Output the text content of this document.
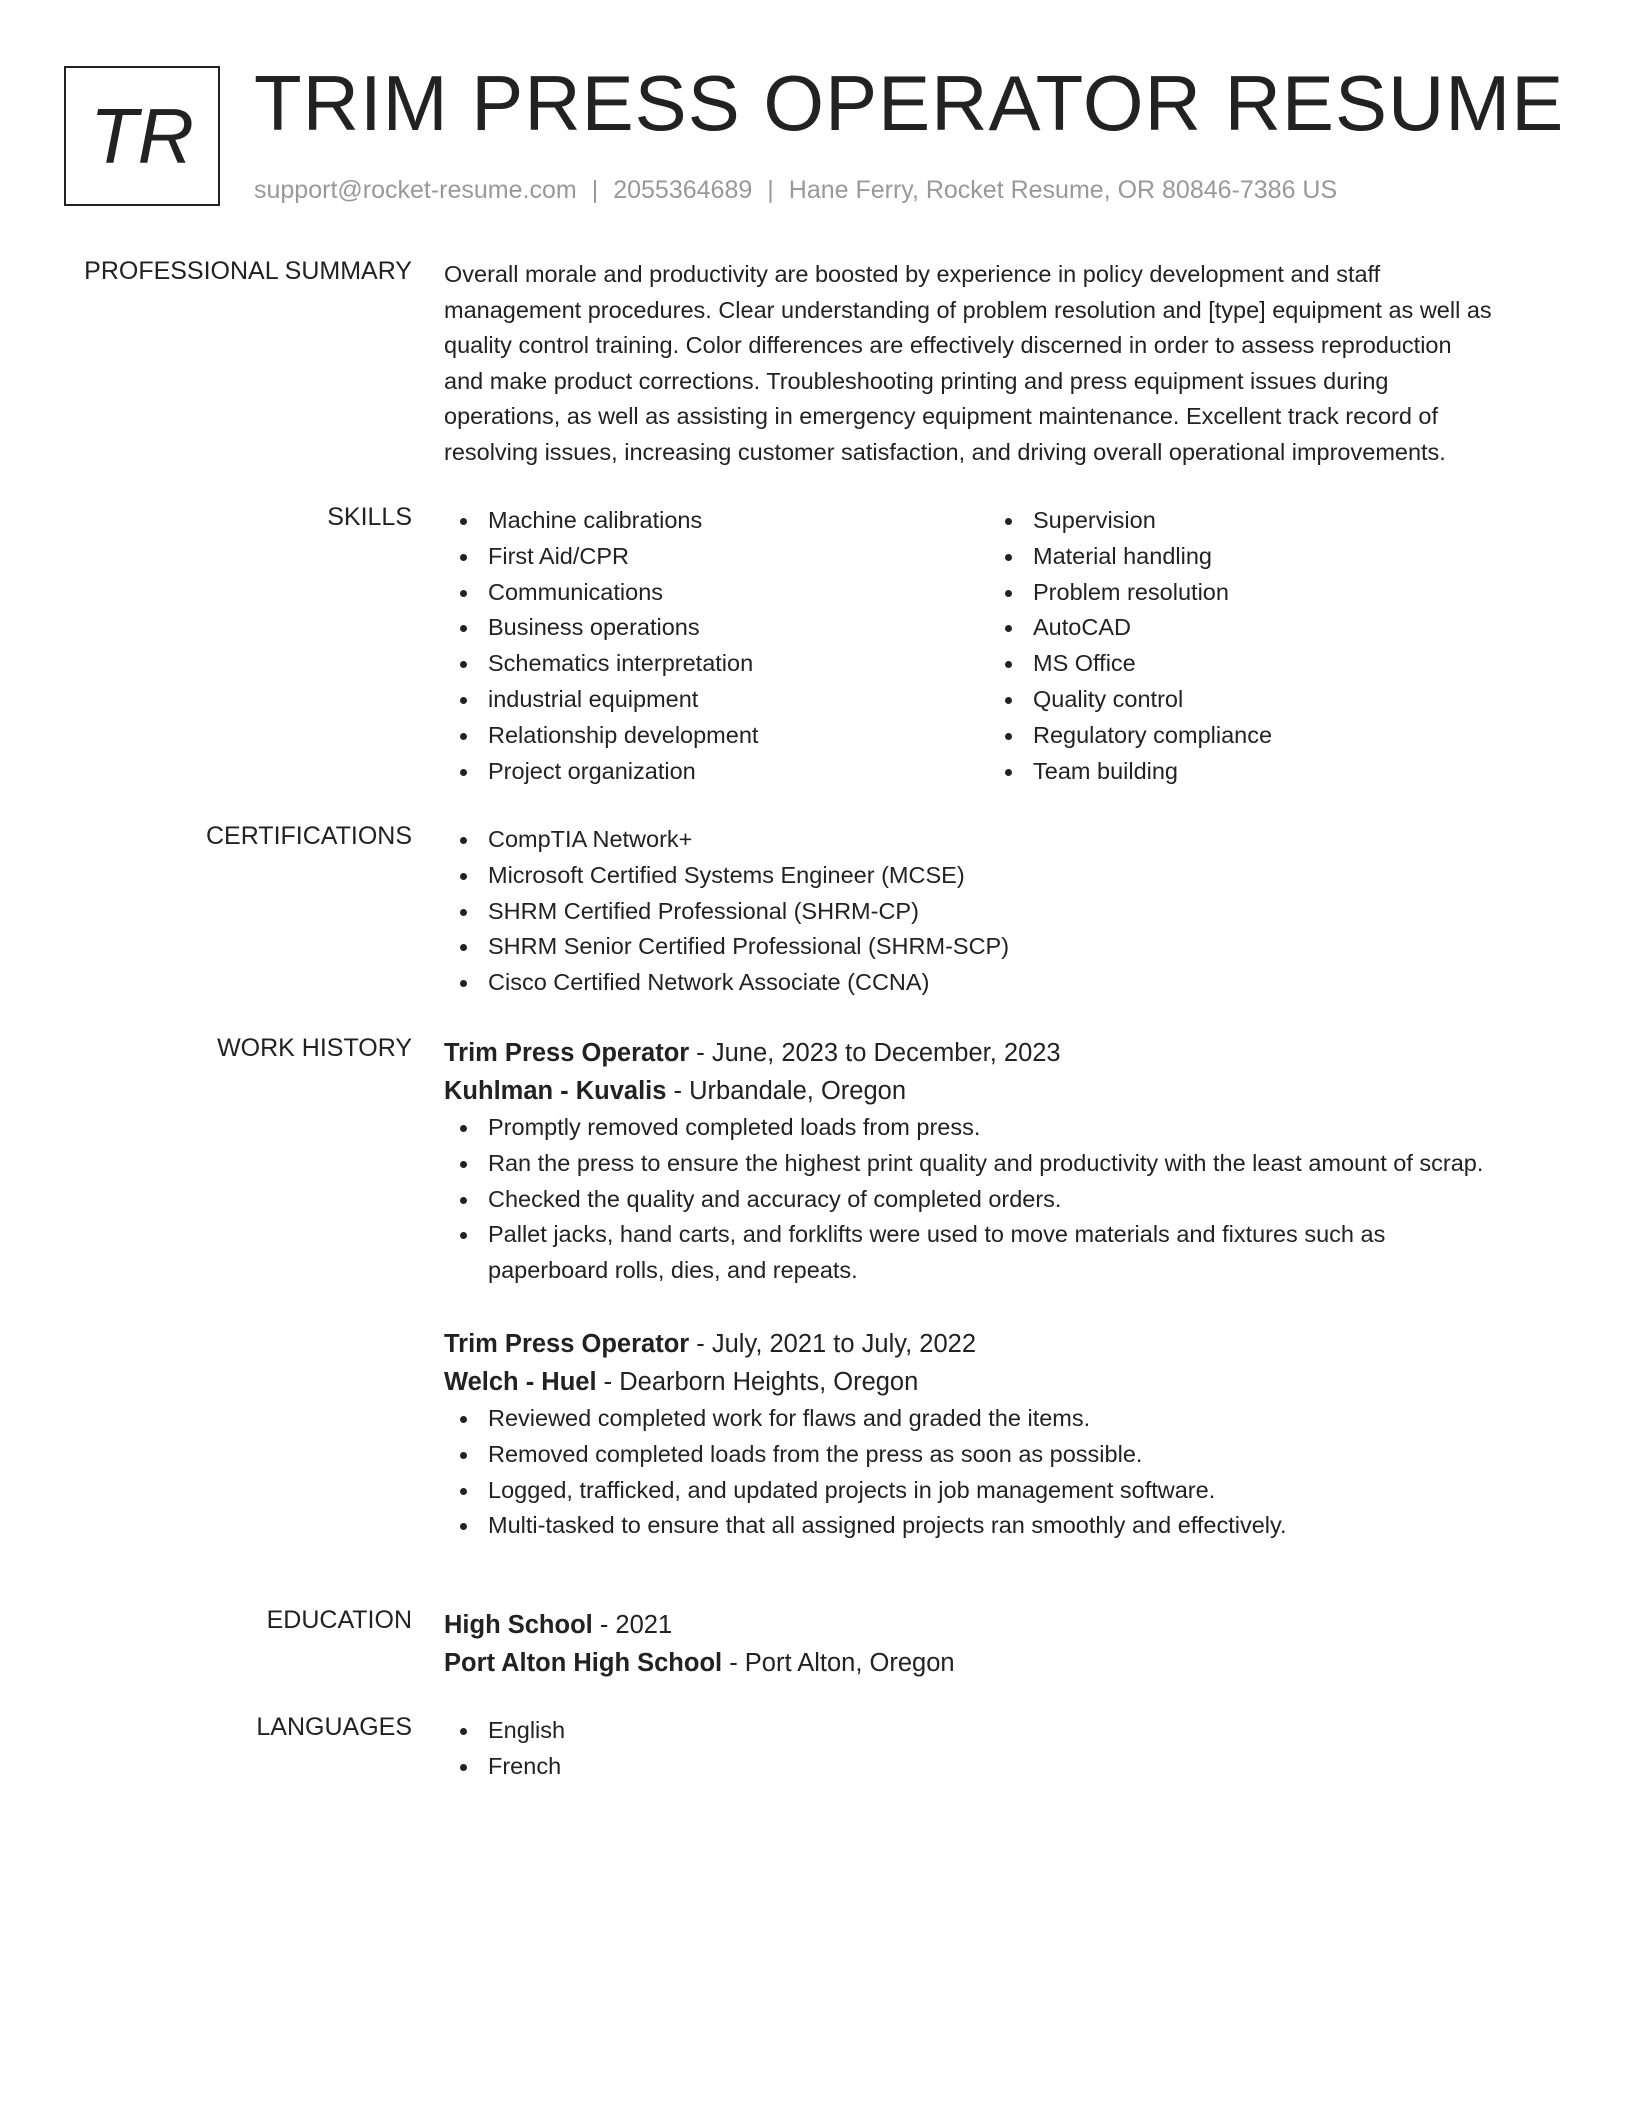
TR TRIM PRESS OPERATOR RESUME
support@rocket-resume.com | 2055364689 | Hane Ferry, Rocket Resume, OR 80846-7386 US
PROFESSIONAL SUMMARY Overall morale and productivity are boosted by experience in policy development and staff
management procedures. Clear understanding of problem resolution and [type] equipment as well as
quality control training. Color differences are effectively discerned in order to assess reproduction
and make product corrections. Troubleshooting printing and press equipment issues during
operations, as well as assisting in emergency equipment maintenance. Excellent track record of
resolving issues, increasing customer satisfaction, and driving overall operational improvements.
SKILLS	Machine calibrations
First Aid/CPR
Communications
Business operations
Schematics interpretation
industrial equipment
Relationship development
Project organization
Supervision
Material handling
Problem resolution
AutoCAD
MS Office
Quality control
Regulatory compliance
Team building
CERTIFICATIONS	CompTIA Network+
Microsoft Certified Systems Engineer (MCSE)
SHRM Certified Professional (SHRM-CP)
SHRM Senior Certified Professional (SHRM-SCP)
Cisco Certified Network Associate (CCNA)
WORK HISTORY Trim Press Operator - June, 2023 to December, 2023
Kuhlman - Kuvalis - Urbandale, Oregon
Promptly removed completed loads from press.
Ran the press to ensure the highest print quality and productivity with the least amount of scrap.
Checked the quality and accuracy of completed orders.
Pallet jacks, hand carts, and forklifts were used to move materials and fixtures such as paperboard rolls, dies, and repeats.
Trim Press Operator - July, 2021 to July, 2022
Welch - Huel - Dearborn Heights, Oregon
Reviewed completed work for flaws and graded the items.
Removed completed loads from the press as soon as possible.
Logged, trafficked, and updated projects in job management software.
Multi-tasked to ensure that all assigned projects ran smoothly and effectively.
EDUCATION High School - 2021
Port Alton High School - Port Alton, Oregon
LANGUAGES	English
French
